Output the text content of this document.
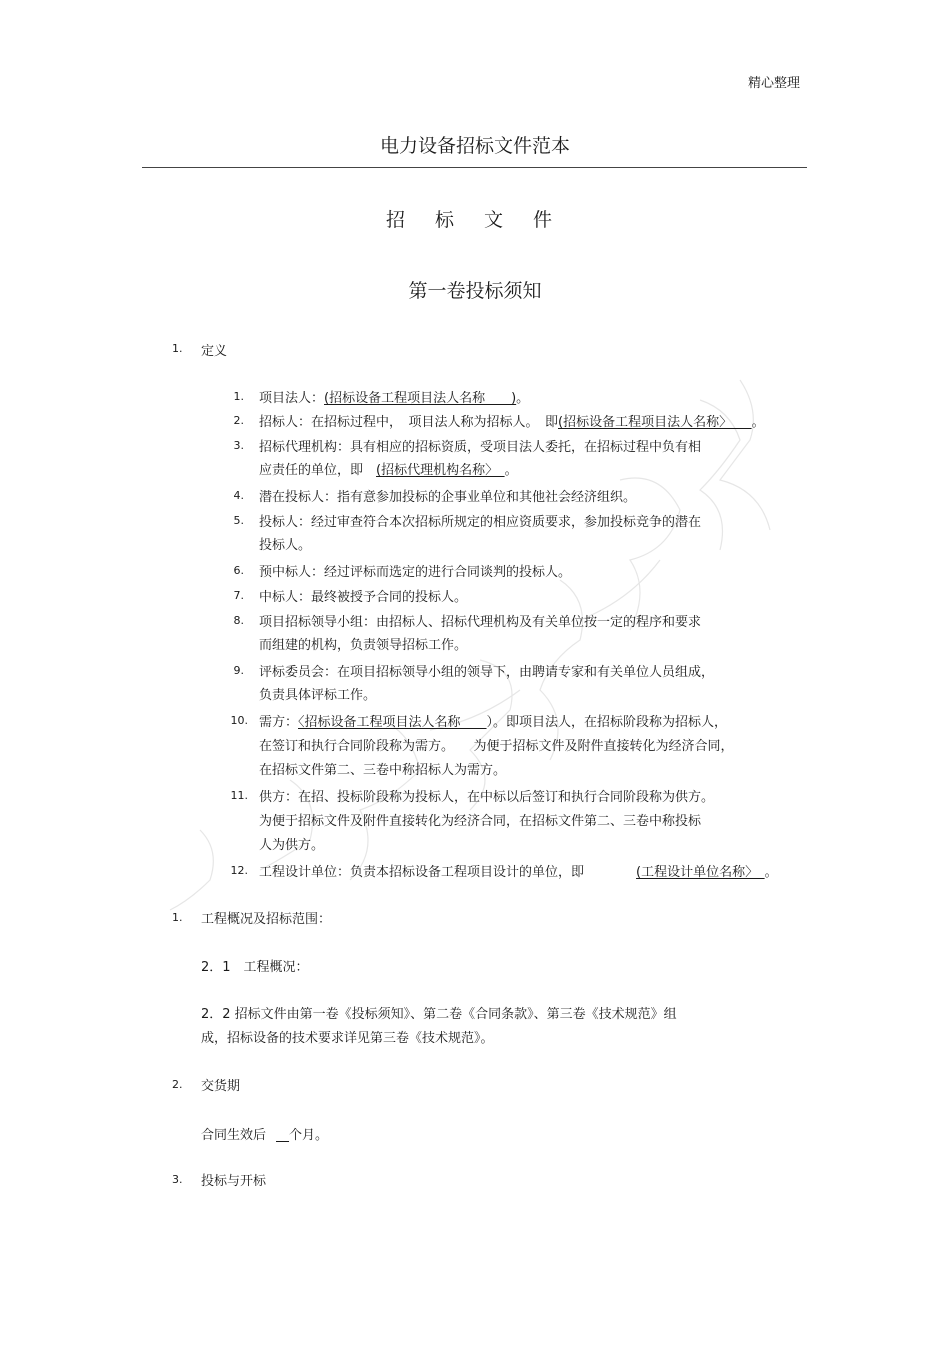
精心整理
电力设备招标文件范本
招 标 文 件
第一卷投标须知
1. 定义
1. 项目法人：(招标设备工程项目法人名称　　)。
2. 招标人：在招标过程中，　项目法人称为招标人。　即(招标设备工程项目法人名称〉　　。
3. 招标代理机构：具有相应的招标资质，受项目法人委托，在招标过程中负有相
应责任的单位，即　(招标代理机构名称〉　。
4. 潜在投标人：指有意参加投标的企事业单位和其他社会经济组织。
5. 投标人：经过审查符合本次招标所规定的相应资质要求，参加投标竞争的潜在
投标人。
6. 预中标人：经过评标而选定的进行合同谈判的投标人。
7. 中标人：最终被授予合同的投标人。
8. 项目招标领导小组：由招标人、招标代理机构及有关单位按一定的程序和要求
而组建的机构，负责领导招标工作。
9. 评标委员会：在项目招标领导小组的领导下，由聘请专家和有关单位人员组成，
负责具体评标工作。
10. 需方：〈招标设备工程项目法人名称　　）。即项目法人，在招标阶段称为招标人，
在签订和执行合同阶段称为需方。　　为便于招标文件及附件直接转化为经济合同，
在招标文件第二、三卷中称招标人为需方。
11. 供方：在招、投标阶段称为投标人，在中标以后签订和执行合同阶段称为供方。
为便于招标文件及附件直接转化为经济合同，在招标文件第二、三卷中称投标
人为供方。
12. 工程设计单位：负责本招标设备工程项目设计的单位，即　　　　(工程设计单位名称〉　。
1. 工程概况及招标范围：
2．1　工程概况：
2．2 招标文件由第一卷《投标须知》、第二卷《合同条款》、第三卷《技术规范》组
成，招标设备的技术要求详见第三卷《技术规范》。
2. 交货期
合同生效后　 个月。
3. 投标与开标
